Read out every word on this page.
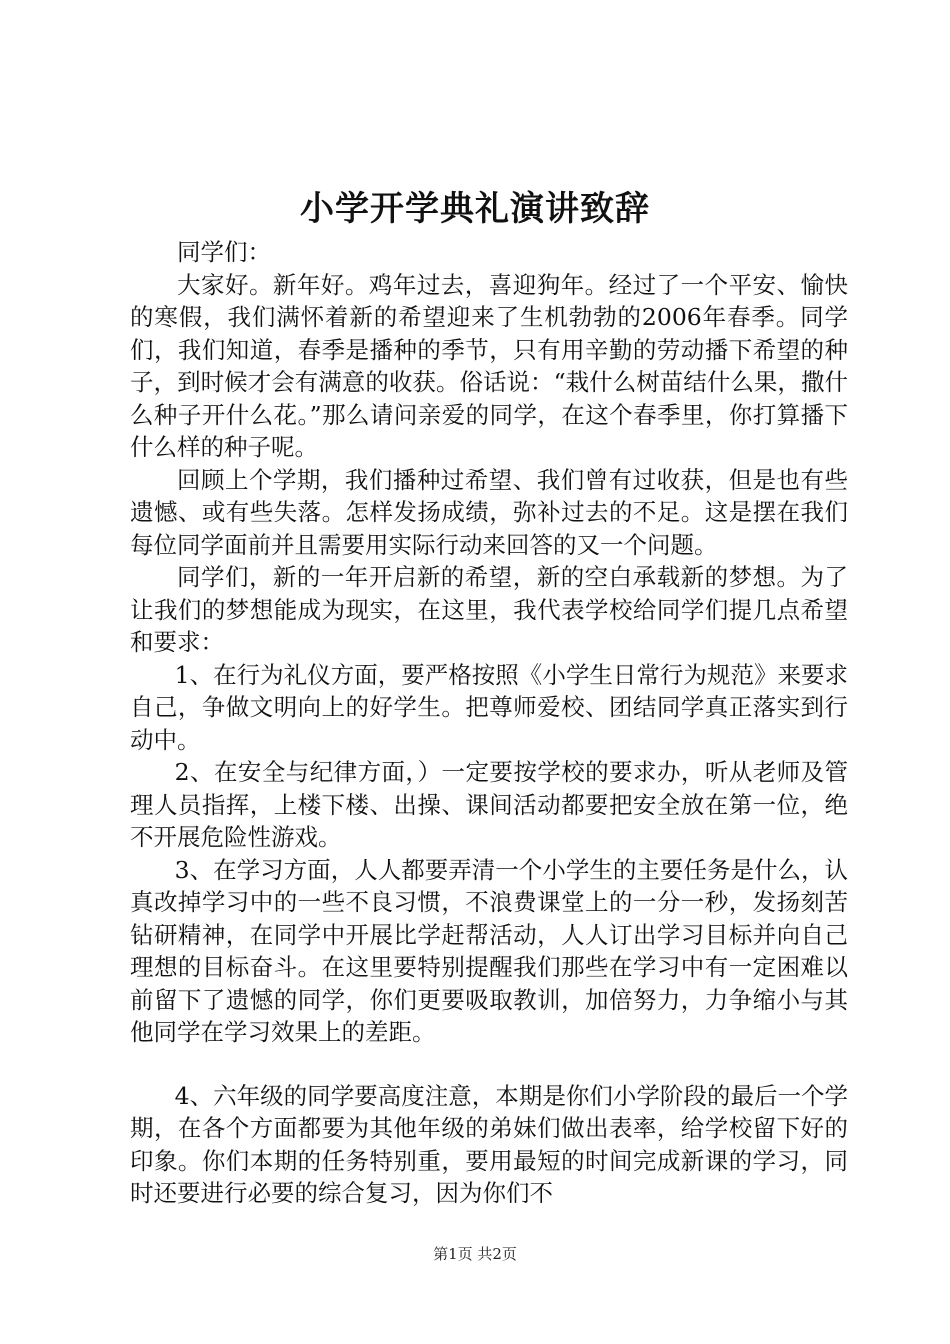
小学开学典礼演讲致辞

同学们：

大家好。新年好。鸡年过去，喜迎狗年。经过了一个平安、愉快的寒假，我们满怀着新的希望迎来了生机勃勃的2006年春季。同学们，我们知道，春季是播种的季节，只有用辛勤的劳动播下希望的种子，到时候才会有满意的收获。俗话说：“栽什么树苗结什么果，撒什么种子开什么花。”那么请问亲爱的同学，在这个春季里，你打算播下什么样的种子呢。

回顾上个学期，我们播种过希望、我们曾有过收获，但是也有些遗憾、或有些失落。怎样发扬成绩，弥补过去的不足。这是摆在我们每位同学面前并且需要用实际行动来回答的又一个问题。

同学们，新的一年开启新的希望，新的空白承载新的梦想。为了让我们的梦想能成为现实，在这里，我代表学校给同学们提几点希望和要求：

1、在行为礼仪方面，要严格按照《小学生日常行为规范》来要求自己，争做文明向上的好学生。把尊师爱校、团结同学真正落实到行动中。

2、在安全与纪律方面，）一定要按学校的要求办，听从老师及管理人员指挥，上楼下楼、出操、课间活动都要把安全放在第一位，绝不开展危险性游戏。

3、在学习方面，人人都要弄清一个小学生的主要任务是什么，认真改掉学习中的一些不良习惯，不浪费课堂上的一分一秒，发扬刻苦钻研精神，在同学中开展比学赶帮活动，人人订出学习目标并向自己理想的目标奋斗。在这里要特别提醒我们那些在学习中有一定困难以前留下了遗憾的同学，你们更要吸取教训，加倍努力，力争缩小与其他同学在学习效果上的差距。

4、六年级的同学要高度注意，本期是你们小学阶段的最后一个学期，在各个方面都要为其他年级的弟妹们做出表率，给学校留下好的印象。你们本期的任务特别重，要用最短的时间完成新课的学习，同时还要进行必要的综合复习，因为你们不

第1页 共2页
